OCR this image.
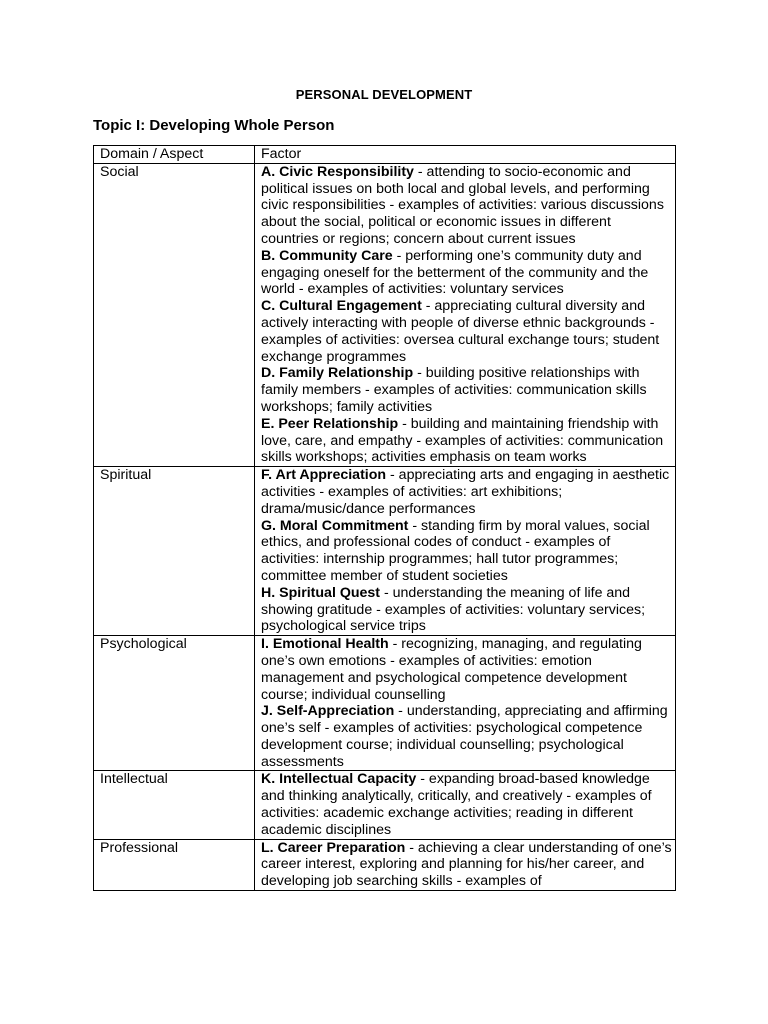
PERSONAL DEVELOPMENT
Topic I: Developing Whole Person
Domain / Aspect	Factor
Social	A. Civic Responsibility - attending to socio-economic and political issues on both local and global levels, and performing civic responsibilities - examples of activities: various discussions about the social, political or economic issues in different countries or regions; concern about current issues
B. Community Care - performing one’s community duty and engaging oneself for the betterment of the community and the world - examples of activities: voluntary services
C. Cultural Engagement - appreciating cultural diversity and actively interacting with people of diverse ethnic backgrounds - examples of activities: oversea cultural exchange tours; student exchange programmes
D. Family Relationship - building positive relationships with family members - examples of activities: communication skills workshops; family activities
E. Peer Relationship - building and maintaining friendship with love, care, and empathy - examples of activities: communication skills workshops; activities emphasis on team works

Spiritual	F. Art Appreciation - appreciating arts and engaging in aesthetic activities - examples of activities: art exhibitions; drama/music/dance performances
G. Moral Commitment - standing firm by moral values, social ethics, and professional codes of conduct - examples of activities: internship programmes; hall tutor programmes; committee member of student societies
H. Spiritual Quest - understanding the meaning of life and showing gratitude - examples of activities: voluntary services; psychological service trips

Psychological	I. Emotional Health - recognizing, managing, and regulating one’s own emotions - examples of activities: emotion management and psychological competence development course; individual counselling
J. Self-Appreciation - understanding, appreciating and affirming one’s self - examples of activities: psychological competence development course; individual counselling; psychological assessments

Intellectual	K. Intellectual Capacity - expanding broad-based knowledge and thinking analytically, critically, and creatively - examples of activities: academic exchange activities; reading in different academic disciplines

Professional	L. Career Preparation - achieving a clear understanding of one’s career interest, exploring and planning for his/her career, and developing job searching skills - examples of
